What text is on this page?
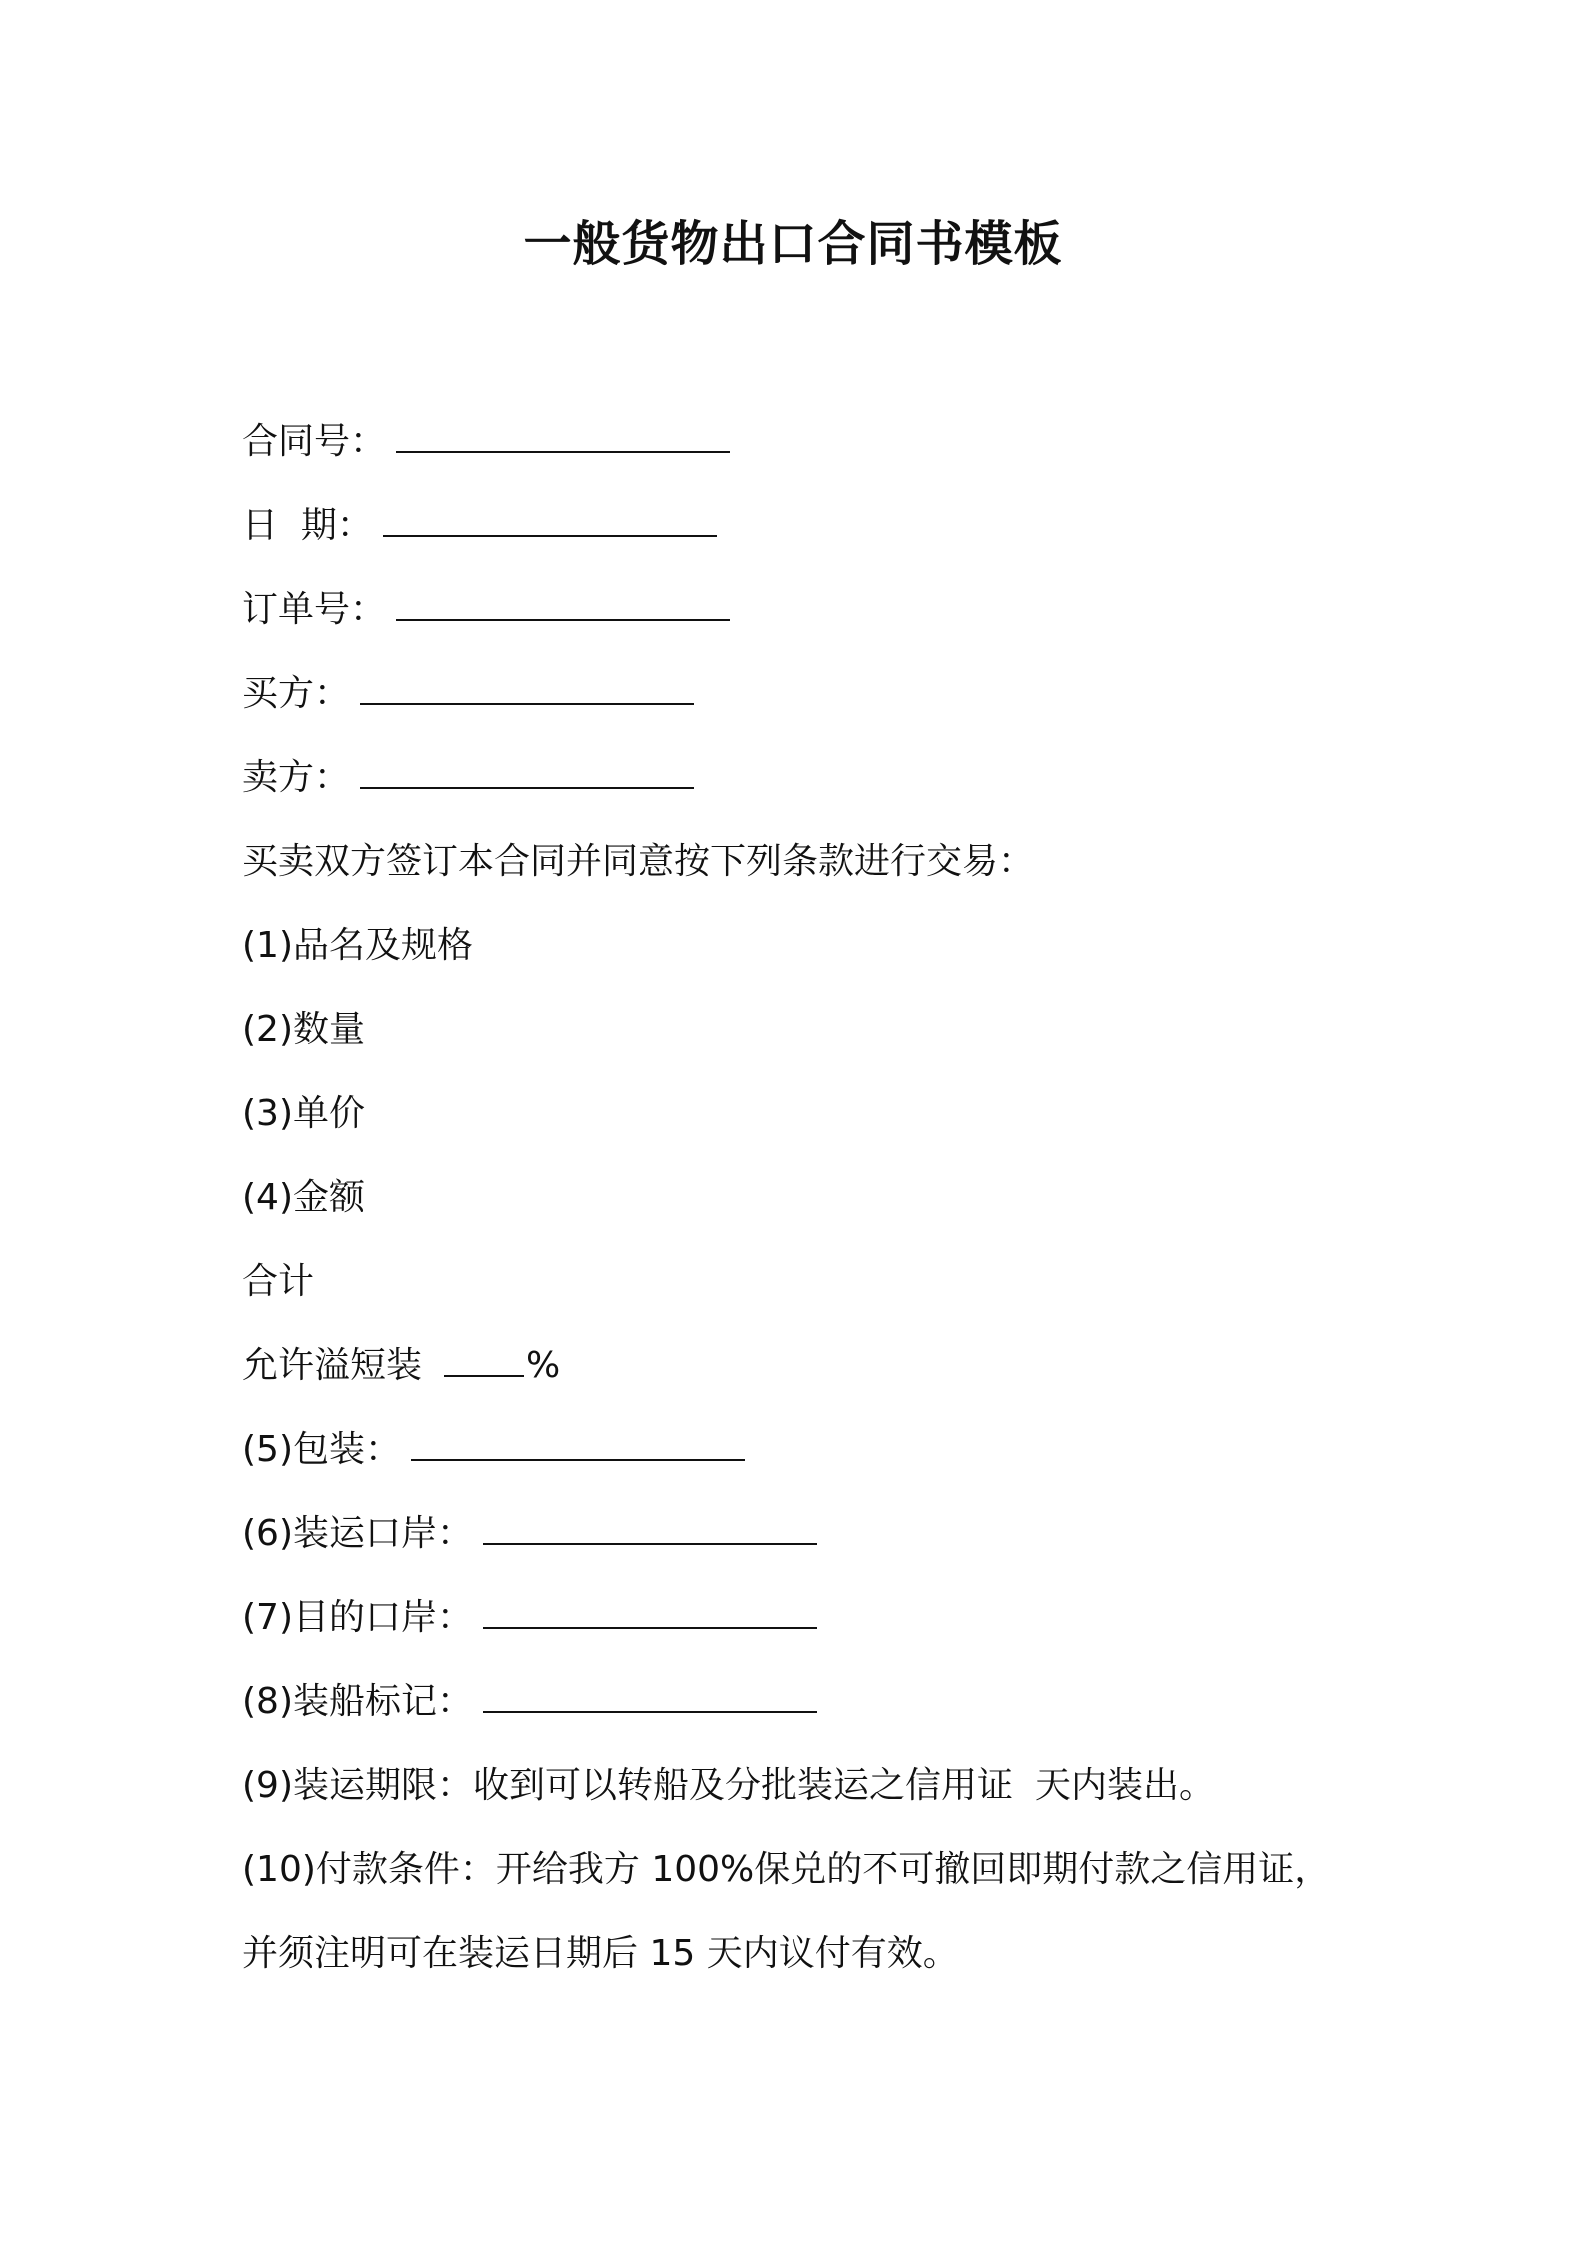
一般货物出口合同书模板
合同号：
日  期：
订单号：
买方：
卖方：
买卖双方签订本合同并同意按下列条款进行交易：
(1)品名及规格
(2)数量
(3)单价
(4)金额
合计
允许溢短装	%
(5)包装：
(6)装运口岸：
(7)目的口岸：
(8)装船标记：
(9)装运期限：收到可以转船及分批装运之信用证 天内装出。
(10)付款条件：开给我方 100%保兑的不可撤回即期付款之信用证，
并须注明可在装运日期后 15 天内议付有效。
